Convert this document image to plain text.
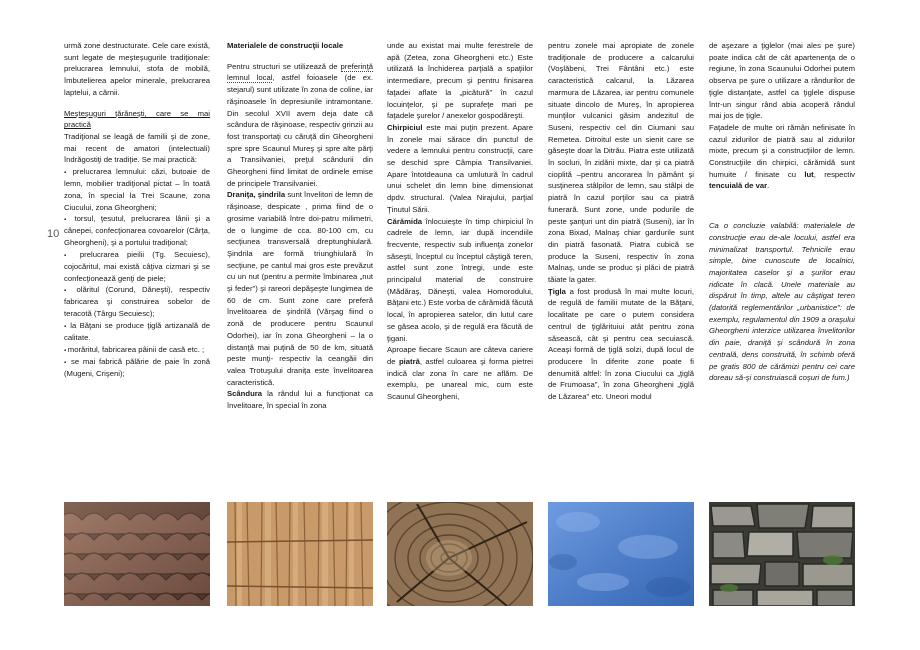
10

urmă zone destructurate. Cele care există, sunt legate de meşteşugurile tradiţionale: prelucrarea lemnului, stofa de mobilă, îmbutelierea apelor minerale, prelucrarea laptelui, a cărnii.

Meşteşuguri ţărăneşti, care se mai practică

Tradiţional se leagă de familii şi de zone, mai recent de amatori (intelectuali) îndrăgostiţi de tradiţie. Se mai practică:

▪ prelucrarea lemnului: căzi, butoaie de lemn, mobilier tradiţional pictat – în toată zona, în special la Trei Scaune, zona Ciucului, zona Gheorgheni;
▪ torsul, ţesutul, prelucrarea lânii şi a cânepei, confecţionarea covoarelor (Cârţa, Gheorgheni), şi a portului tradiţional;
▪ prelucrarea pieilii (Tg. Secuiesc), cojocăritul, mai există câţiva cizmari şi se confecţionează genţi de piele;
▪ olăritul (Corund, Dăneşti), respectiv fabricarea şi construirea sobelor de teracotă (Târgu Secuiesc);
▪ la Băţani se produce ţiglă artizanală de calitate.
▪ morăritul, fabricarea pâinii de casă etc. ;
▪ se mai fabrică pălărie de paie în zonă (Mugeni, Crişeni);

Materialele de construcţii locale

Pentru structuri se utilizează de preferinţă lemnul local, astfel foioasele (de ex. stejarul) sunt utilizate în zona de coline, iar răşinoasele în depresiunile intramontane. Din secolul XVII avem deja date că scândura de răşinoase, respectiv grinzii au fost transportaţi cu căruţă din Gheorgheni spre spre Scaunul Mureş şi spre alte părţi a Transilvaniei, preţul scândurii din Gheorgheni fiind limitat de ordinele emise de principele Transilvaniei.

Draniţa, şindrila sunt învelitori de lemn de răşinoase, despicate , prima fiind de o grosime variabilă între doi-patru milimetri, de o lungime de cca. 80-100 cm, cu secţiunea transversală dreptunghiulară. Şindrila are formă triunghiulară în secţiune, pe cantul mai gros este prevăzut cu un nut (pentru a permite îmbinarea „nut şi feder") şi rareori depăşeşte lungimea de 60 de cm. Sunt zone care preferă învelitoarea de şindrilă (Vărşag fiind o zonă de producere pentru Scaunul Odorhei), iar în zona Gheorgheni – la o distanţă mai puţină de 50 de km, situată peste munţi- respectiv la ceangăii din valea Trotuşului draniţa este învelitoarea caracteristică.

Scândura la rândul lui a funcţionat ca învelitoare, în special în zona

unde au existat mai multe ferestrele de apă (Zetea, zona Gheorgheni etc.) Este utilizată la închiderea parţială a spaţiilor intermediare, precum şi pentru finisarea faţadei aflate la „picătură" în cazul locuinţelor, şi pe suprafeţe mari pe faţadele şurelor / anexelor gospodăreşti.

Chirpiciul este mai puţin prezent. Apare în zonele mai sărace din punctul de vedere a lemnului pentru construcţii, care se deschid spre Câmpia Transilvaniei. Apare întotdeauna ca umlutură în cadrul unui schelet din lemn bine dimensionat dpdv. structural. (Valea Nirajului, parţial Ţinutul Sării.

Cărămida înlocuieşte în timp chirpiciul în cadrele de lemn, iar după incendiile frecvente, respectiv sub influenţa zonelor săseşti, începtul cu începtul câştigă teren, astfel sunt zone întregi, unde este principalul material de construire (Mădăraş, Dăneşti, valea Homorodului, Băţani etc.) Este vorba de cărămidă făcută local, în apropierea satelor, din lutul care se găsea acolo, şi de regulă era făcută de ţigani.

Aproape fiecare Scaun are câteva cariere de piatră, astfel culoarea şi forma pietrei indică clar zona în care ne aflăm. De exemplu, pe unareal mic, cum este Scaunul Gheorgheni,

pentru zonele mai apropiate de zonele tradiţionale de producere a calcarului (Voşlăbeni, Trei Fântâni etc.) este caracteristică calcarul, la Lăzarea marmura de Lăzarea, iar pentru comunele situate dincolo de Mureş, în apropierea munţilor vulcanici găsim andezitul de Suseni, respectiv cel din Ciumani sau Remetea. Ditroitul este un sienit care se găseşte doar la Ditrău. Piatra este utilizată în socluri, în zidării mixte, dar şi ca piatră cioplită –pentru ancorarea în pământ şi susţinerea stâlpilor de lemn, sau stâlpi de piatră în cazul porţilor sau ca piatră funerară. Sunt zone, unde podurile de peste şanţuri unt din piatră (Suseni), iar în zona Bixad, Malnaş chiar gardurile sunt din piatră fasonată. Piatra cubică se produce la Suseni, respectiv în zona Malnaş, unde se produc şi plăci de piatră tăiate la gater.

Ţigla a fost produsă în mai multe locuri, de regulă de familii mutate de la Băţani, localitate pe care o putem considera centrul de ţiglărituiui atât pentru zona săsească, cât şi pentru cea secuiască. Aceaşi formă de ţiglă solzi, după locul de producere în diferite zone poate fi denumită altfel: în zona Ciucului ca „ţiglă de Frumoasa", în zona Gheorgheni „ţiglă de Lăzarea" etc. Uneori modul

de aşezare a ţiglelor (mai ales pe şure) poate indica cât de cât apartenenţa de o regiune, în zona Scaunului Odorhei putem observa pe şure o utilizare a rândurilor de ţigle distanţate, astfel ca ţiglele dispuse într-un singur rând abia acoperă rândul mai jos de ţigle.

Faţadele de multe ori rămân nefinisate în cazul zidurilor de piatră sau al zidurilor mixte, precum şi a construcţiilor de lemn. Construcţiile din chirpici, cărămidă sunt humuite / finisate cu lut, respectiv tencuială de var.

Ca o concluzie valabilă: materialele de construcţie erau de-ale locului, astfel era minimalizat transportul. Tehnicile erau simple, bine cunoscute de localnici, majoritatea caselor şi a şurilor erau ridicate în clacă. Unele materiale au dispărut în timp, altele au câştigat teren (datorită reglementărilor „urbanistice": de exemplu, regulamentul din 1909 a oraşului Gheorgheni interzice utilizarea învelitorilor din paie, draniţă şi scândură în zona centrală, dens construită, în schimb oferă pe gratis 800 de cărămizi pentru cei care doreau să-şi construiască coşuri de fum.)
